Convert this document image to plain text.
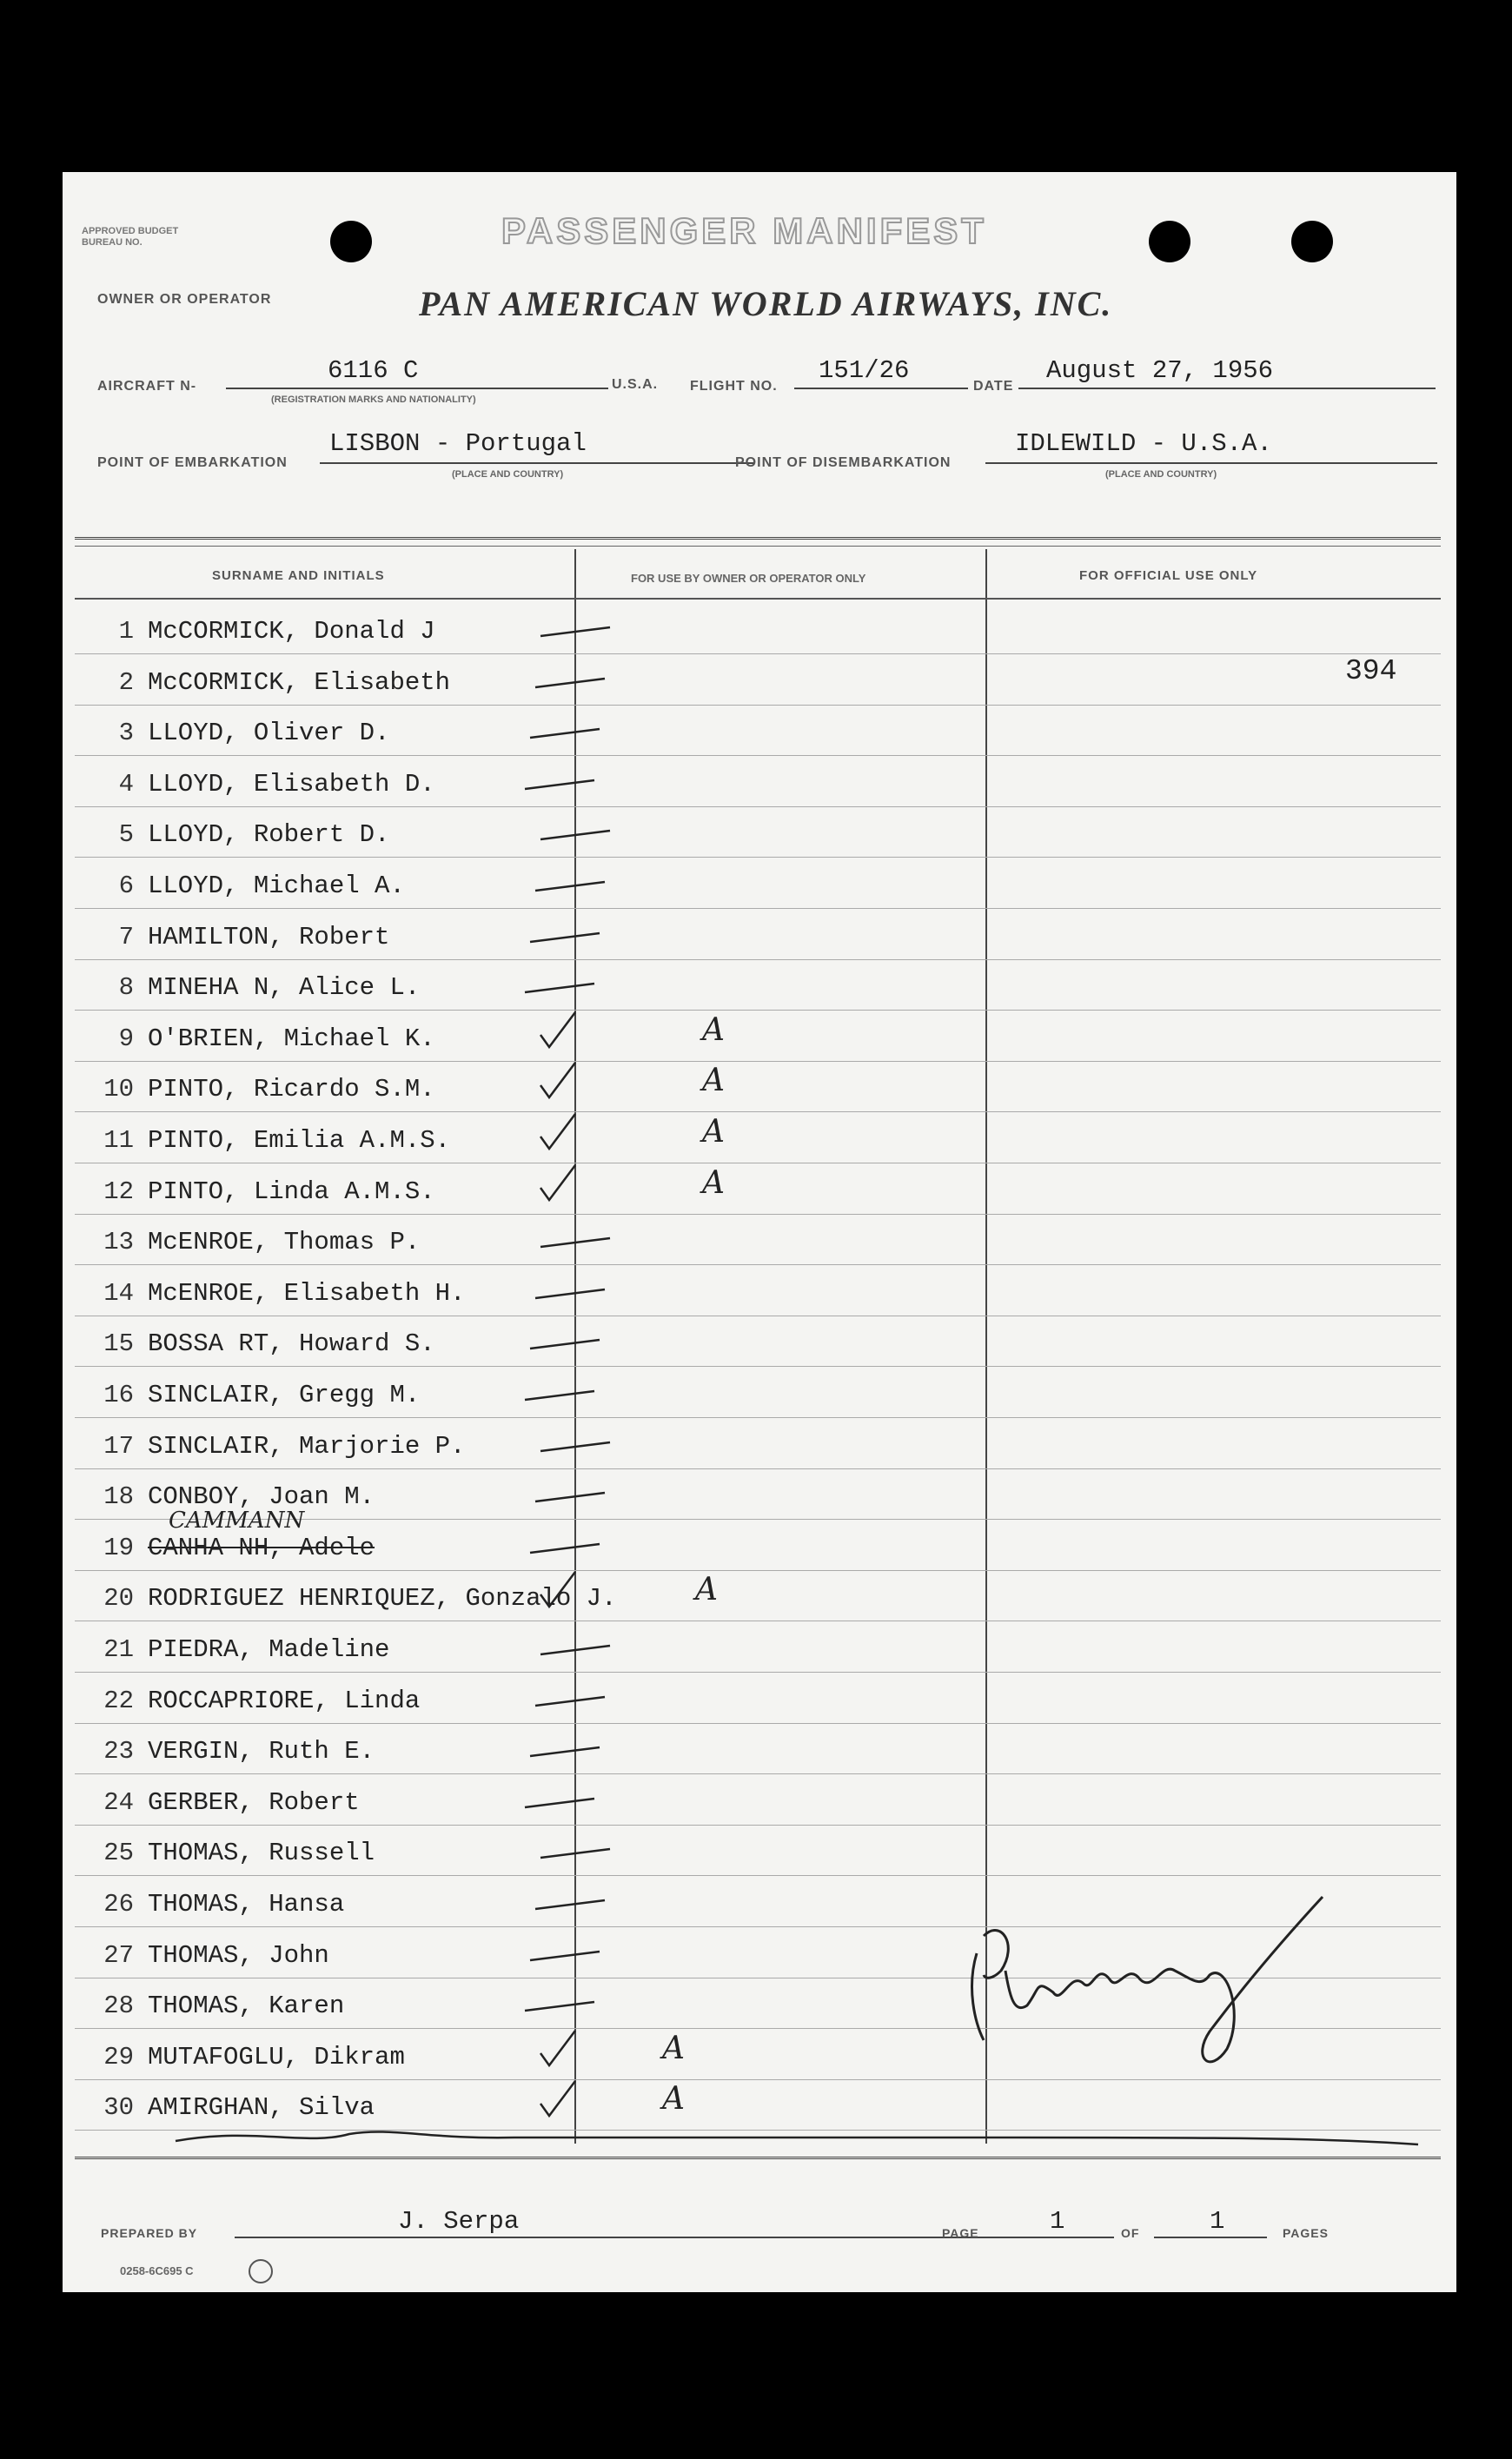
APPROVED BUDGET BUREAU NO.	PASSENGER MANIFEST
OWNER OR OPERATOR	PAN AMERICAN WORLD AIRWAYS, INC.
AIRCRAFT N-
6116 C
(REGISTRATION MARKS AND NATIONALITY)
U.S.A. FLIGHT NO.
151/26
DATE
August 27, 1956
POINT OF EMBARKATION
LISBON - Portugal
(PLACE AND COUNTRY)
POINT OF DISEMBARKATION
IDLEWILD - U.S.A.
(PLACE AND COUNTRY)
SURNAME AND INITIALS	FOR USE BY OWNER OR OPERATOR ONLY	FOR OFFICIAL USE ONLY
1 McCORMICK, Donald J
2 McCORMICK, Elisabeth
3 LLOYD, Oliver D.
4 LLOYD, Elisabeth D.
5 LLOYD, Robert D.
6 LLOYD, Michael A.
7 HAMILTON, Robert
8 MINEHA N, Alice L.
9 O'BRIEN, Michael K.	A
10 PINTO, Ricardo S.M.	A
11 PINTO, Emilia A.M.S.	A
12 PINTO, Linda A.M.S.	A
13 McENROE, Thomas P.
14 McENROE, Elisabeth H.
15 BOSSA RT, Howard S.
16 SINCLAIR, Gregg M.
17 SINCLAIR, Marjorie P.
18 CONBOY, Joan M.
19 CANHA NH, Adele
CAMMANN
20 RODRIGUEZ HENRIQUEZ, Gonzalo J.	A
21 PIEDRA, Madeline
22 ROCCAPRIORE, Linda
23 VERGIN, Ruth E.
24 GERBER, Robert
25 THOMAS, Russell
26 THOMAS, Hansa
27 THOMAS, John
28 THOMAS, Karen
29 MUTAFOGLU, Dikram	A
30 AMIRGHAN, Silva	A
394
PREPARED BY	J. Serpa	PAGE	1	OF	1	PAGES
0258-6C695 C
